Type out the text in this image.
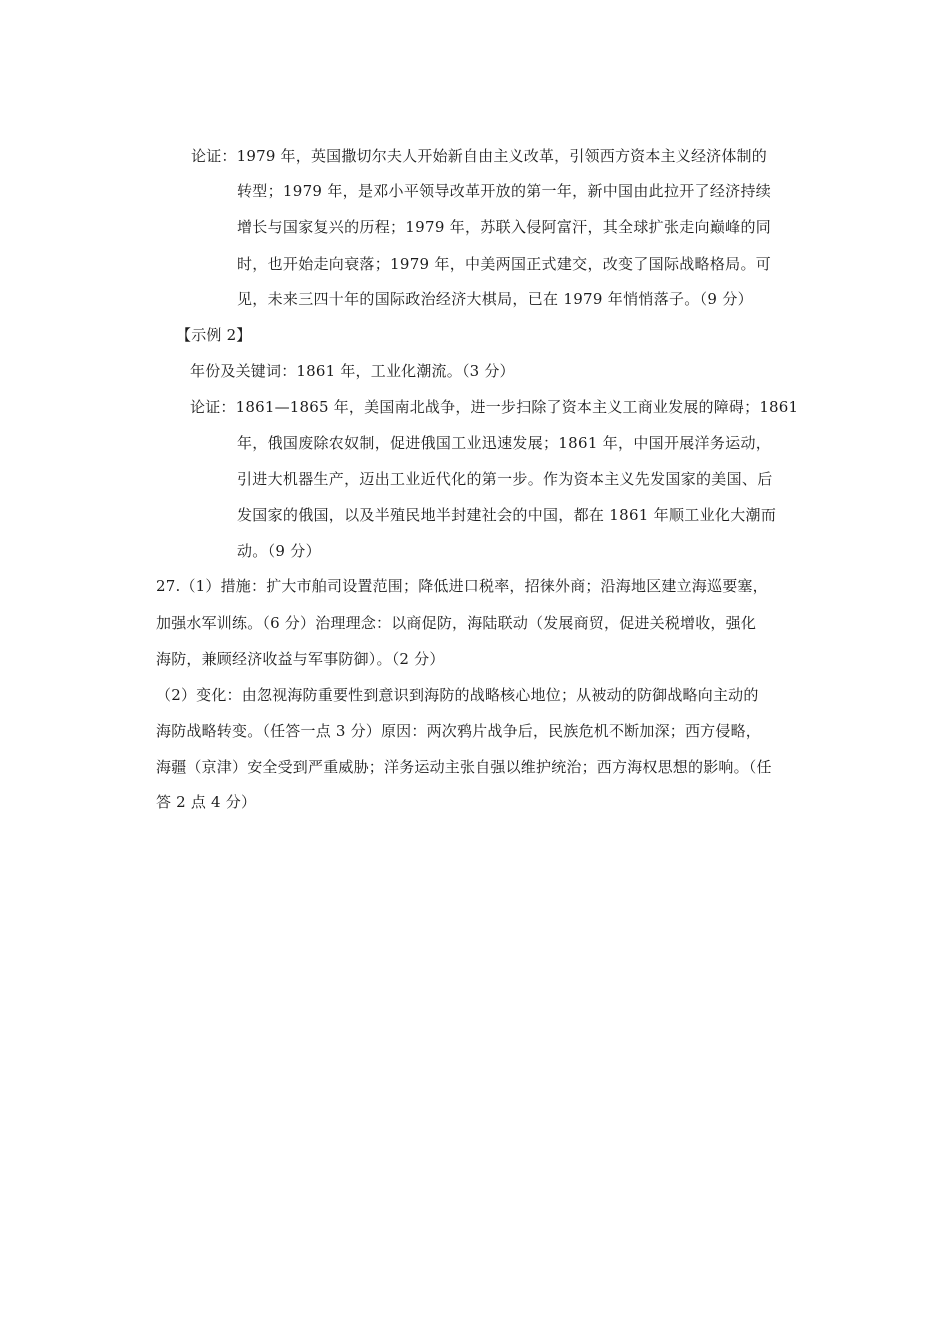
论证：1979 年，英国撒切尔夫人开始新自由主义改革，引领西方资本主义经济体制的
转型；1979 年，是邓小平领导改革开放的第一年，新中国由此拉开了经济持续
增长与国家复兴的历程；1979 年，苏联入侵阿富汗，其全球扩张走向巅峰的同
时，也开始走向衰落；1979 年，中美两国正式建交，改变了国际战略格局。可
见，未来三四十年的国际政治经济大棋局，已在 1979 年悄悄落子。（9 分）
【示例 2】
年份及关键词：1861 年，工业化潮流。（3 分）
论证：1861—1865 年，美国南北战争，进一步扫除了资本主义工商业发展的障碍；1861
年，俄国废除农奴制，促进俄国工业迅速发展；1861 年，中国开展洋务运动，
引进大机器生产，迈出工业近代化的第一步。作为资本主义先发国家的美国、后
发国家的俄国，以及半殖民地半封建社会的中国，都在 1861 年顺工业化大潮而
动。（9 分）
27.（1）措施：扩大市舶司设置范围；降低进口税率，招徕外商；沿海地区建立海巡要塞，
加强水军训练。（6 分）治理理念：以商促防，海陆联动（发展商贸，促进关税增收，强化
海防，兼顾经济收益与军事防御）。（2 分）
（2）变化：由忽视海防重要性到意识到海防的战略核心地位；从被动的防御战略向主动的
海防战略转变。（任答一点 3 分）原因：两次鸦片战争后，民族危机不断加深；西方侵略，
海疆（京津）安全受到严重威胁；洋务运动主张自强以维护统治；西方海权思想的影响。（任
答 2 点 4 分）
